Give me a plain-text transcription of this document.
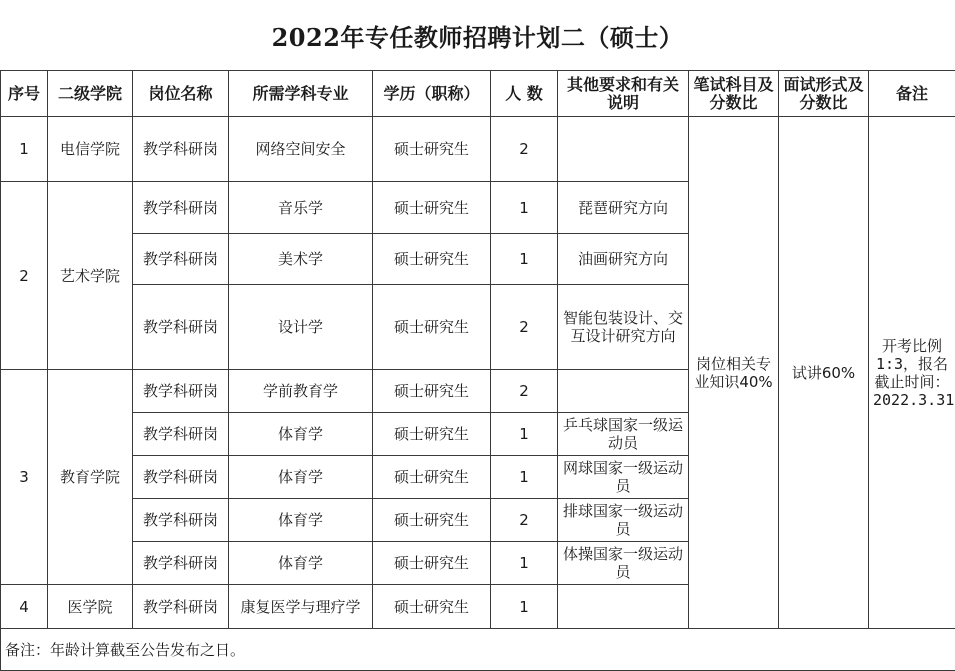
2022年专任教师招聘计划二（硕士）
序号	二级学院	岗位名称	所需学科专业	学历（职称）	人 数	其他要求和有关说明	笔试科目及分数比	面试形式及分数比	备注
1	电信学院	教学科研岗	网络空间安全	硕士研究生	2		岗位相关专业知识40%	试讲60%	开考比例1:3，报名截止时间：2022.3.31
2	艺术学院	教学科研岗	音乐学	硕士研究生	1	琵琶研究方向			
		教学科研岗	美术学	硕士研究生	1	油画研究方向			
		教学科研岗	设计学	硕士研究生	2	智能包装设计、交互设计研究方向			
3	教育学院	教学科研岗	学前教育学	硕士研究生	2				
		教学科研岗	体育学	硕士研究生	1	乒乓球国家一级运动员			
		教学科研岗	体育学	硕士研究生	1	网球国家一级运动员			
		教学科研岗	体育学	硕士研究生	2	排球国家一级运动员			
		教学科研岗	体育学	硕士研究生	1	体操国家一级运动员			
4	医学院	教学科研岗	康复医学与理疗学	硕士研究生	1				
备注：年龄计算截至公告发布之日。									
